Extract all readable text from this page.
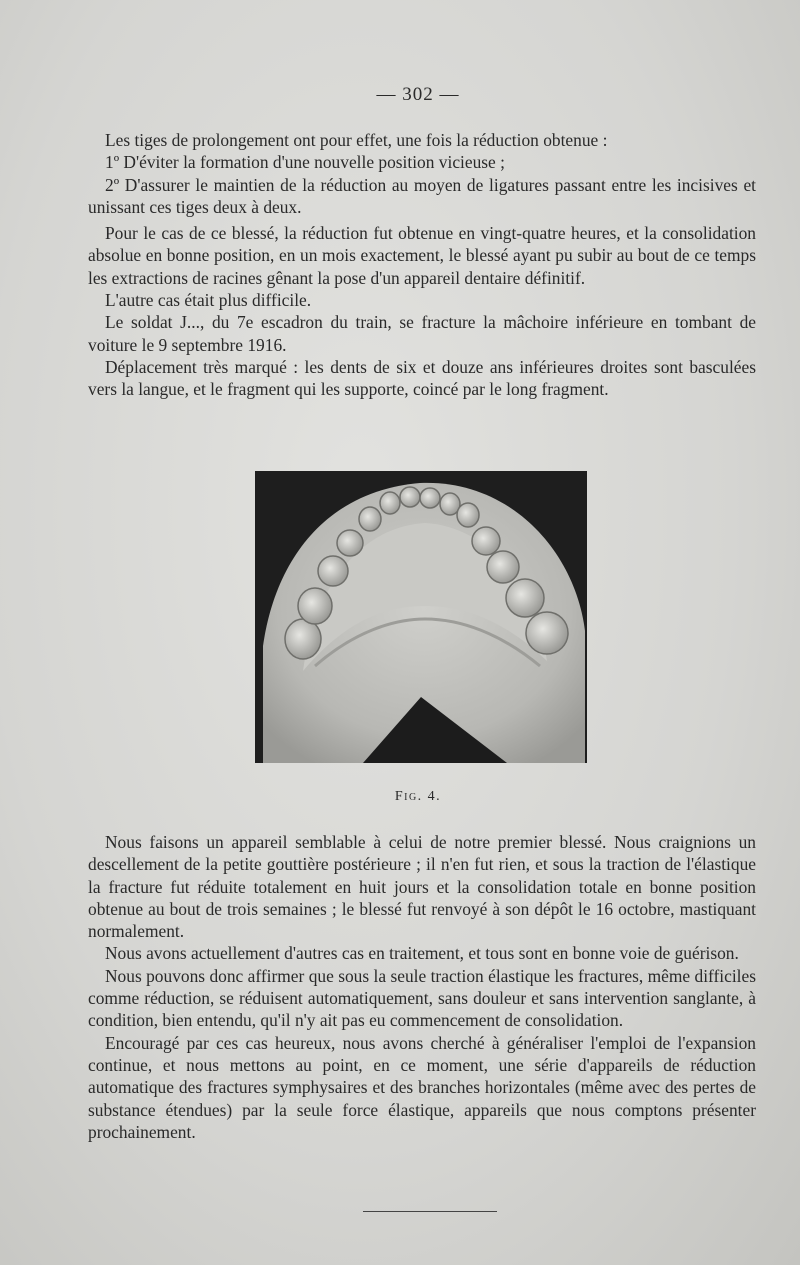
— 302 —

Les tiges de prolongement ont pour effet, une fois la réduction obtenue :

1º D'éviter la formation d'une nouvelle position vicieuse ;

2º D'assurer le maintien de la réduction au moyen de ligatures passant entre les incisives et unissant ces tiges deux à deux.

Pour le cas de ce blessé, la réduction fut obtenue en vingt-quatre heures, et la consolidation absolue en bonne position, en un mois exactement, le blessé ayant pu subir au bout de ce temps les extractions de racines gênant la pose d'un appareil dentaire définitif.

L'autre cas était plus difficile.

Le soldat J..., du 7e escadron du train, se fracture la mâchoire inférieure en tombant de voiture le 9 septembre 1916.

Déplacement très marqué : les dents de six et douze ans inférieures droites sont basculées vers la langue, et le fragment qui les supporte, coincé par le long fragment.

Fig. 4.

Nous faisons un appareil semblable à celui de notre premier blessé. Nous craignions un descellement de la petite gouttière postérieure ; il n'en fut rien, et sous la traction de l'élastique la fracture fut réduite totalement en huit jours et la consolidation totale en bonne position obtenue au bout de trois semaines ; le blessé fut renvoyé à son dépôt le 16 octobre, mastiquant normalement.

Nous avons actuellement d'autres cas en traitement, et tous sont en bonne voie de guérison.

Nous pouvons donc affirmer que sous la seule traction élastique les fractures, même difficiles comme réduction, se réduisent automatiquement, sans douleur et sans intervention sanglante, à condition, bien entendu, qu'il n'y ait pas eu commencement de consolidation.

Encouragé par ces cas heureux, nous avons cherché à généraliser l'emploi de l'expansion continue, et nous mettons au point, en ce moment, une série d'appareils de réduction automatique des fractures symphysaires et des branches horizontales (même avec des pertes de substance étendues) par la seule force élastique, appareils que nous comptons présenter prochainement.
